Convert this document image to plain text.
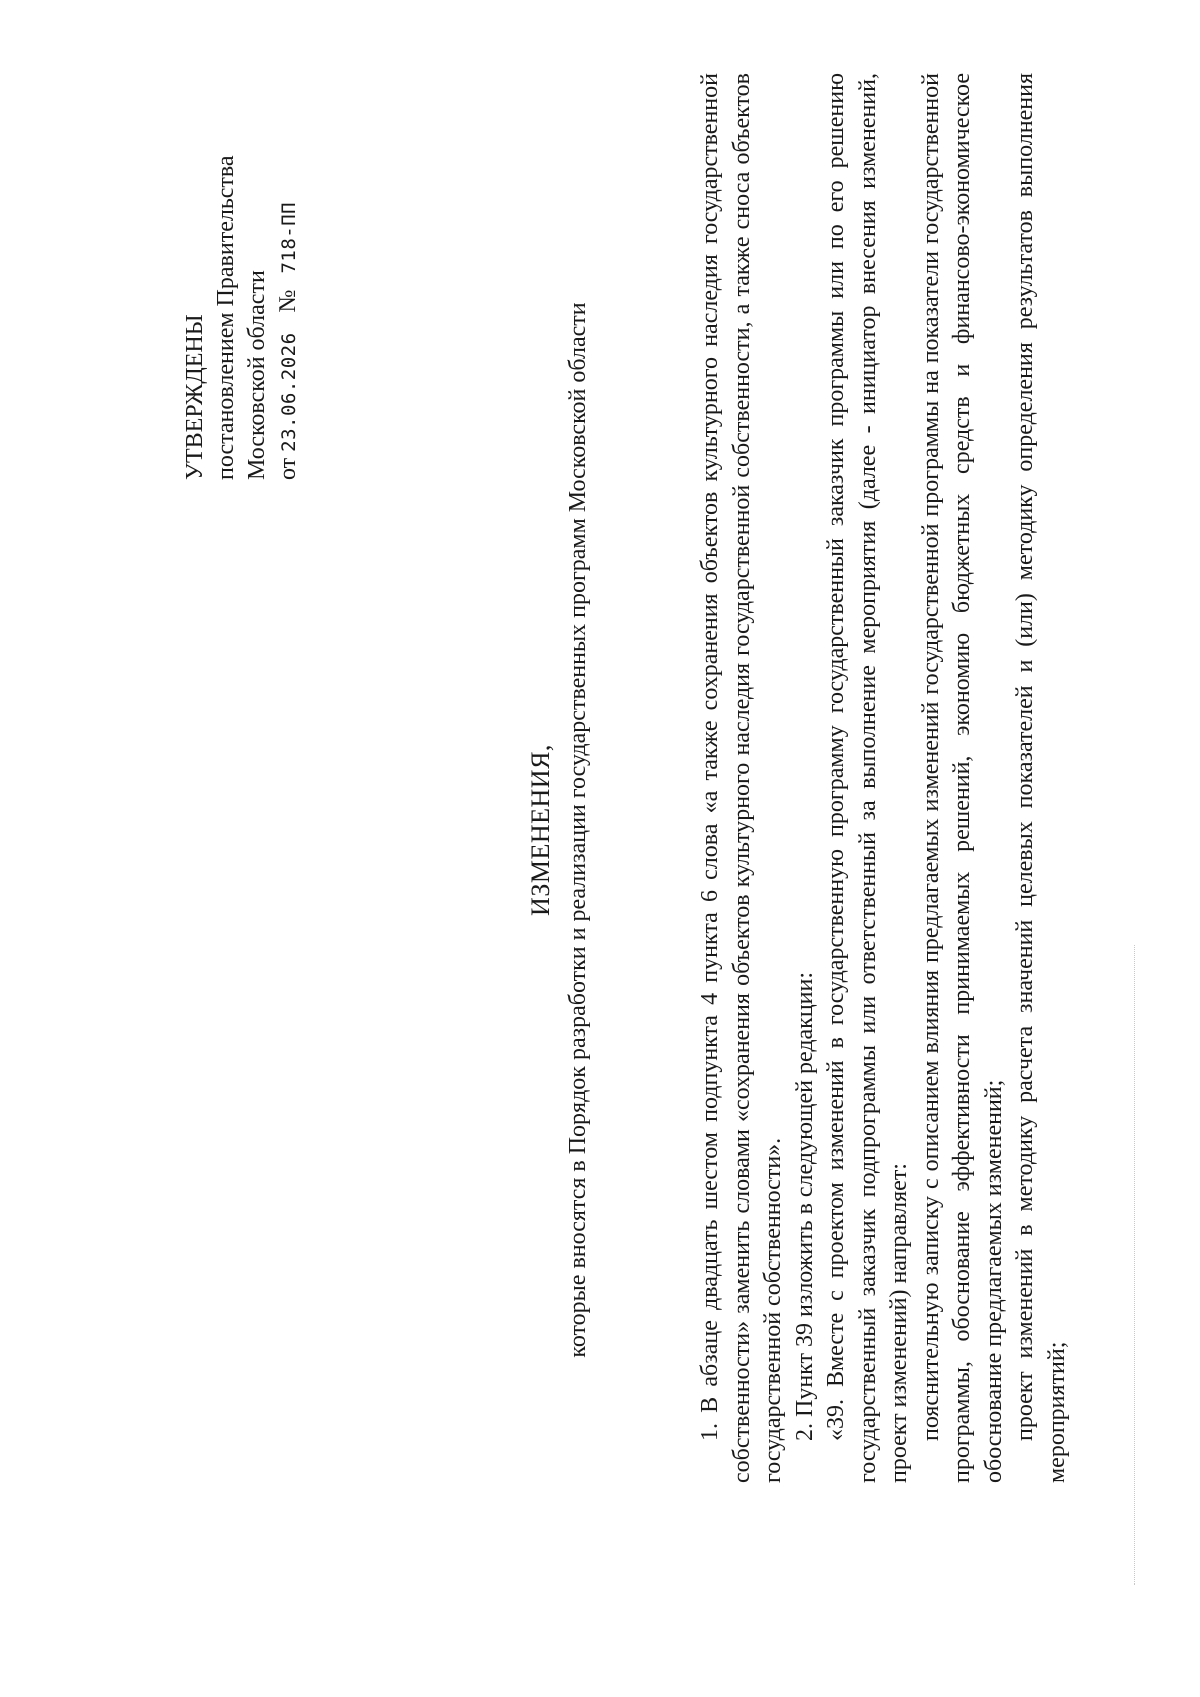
УТВЕРЖДЕНЫ постановлением Правительства Московской области от 23.06.2026 № 718-ПП
ИЗМЕНЕНИЯ, которые вносятся в Порядок разработки и реализации государственных программ Московской области	1. В абзаце двадцать шестом подпункта 4 пункта 6 слова «а также сохранения объектов культурного наследия государственной собственности» заменить словами «сохранения объектов культурного наследия государственной собственности, а также сноса объектов государственной собственности». 2. Пункт 39 изложить в следующей редакции: «39. Вместе с проектом изменений в государственную программу государственный заказчик программы или по его решению государственный заказчик подпрограммы или ответственный за выполнение мероприятия (далее - инициатор внесения изменений, проект изменений) направляет: пояснительную записку с описанием влияния предлагаемых изменений государственной программы на показатели государственной программы, обоснование эффективности принимаемых решений, экономию бюджетных средств и финансово-экономическое обоснование предлагаемых изменений; проект изменений в методику расчета значений целевых показателей и (или) методику определения результатов выполнения мероприятий;
